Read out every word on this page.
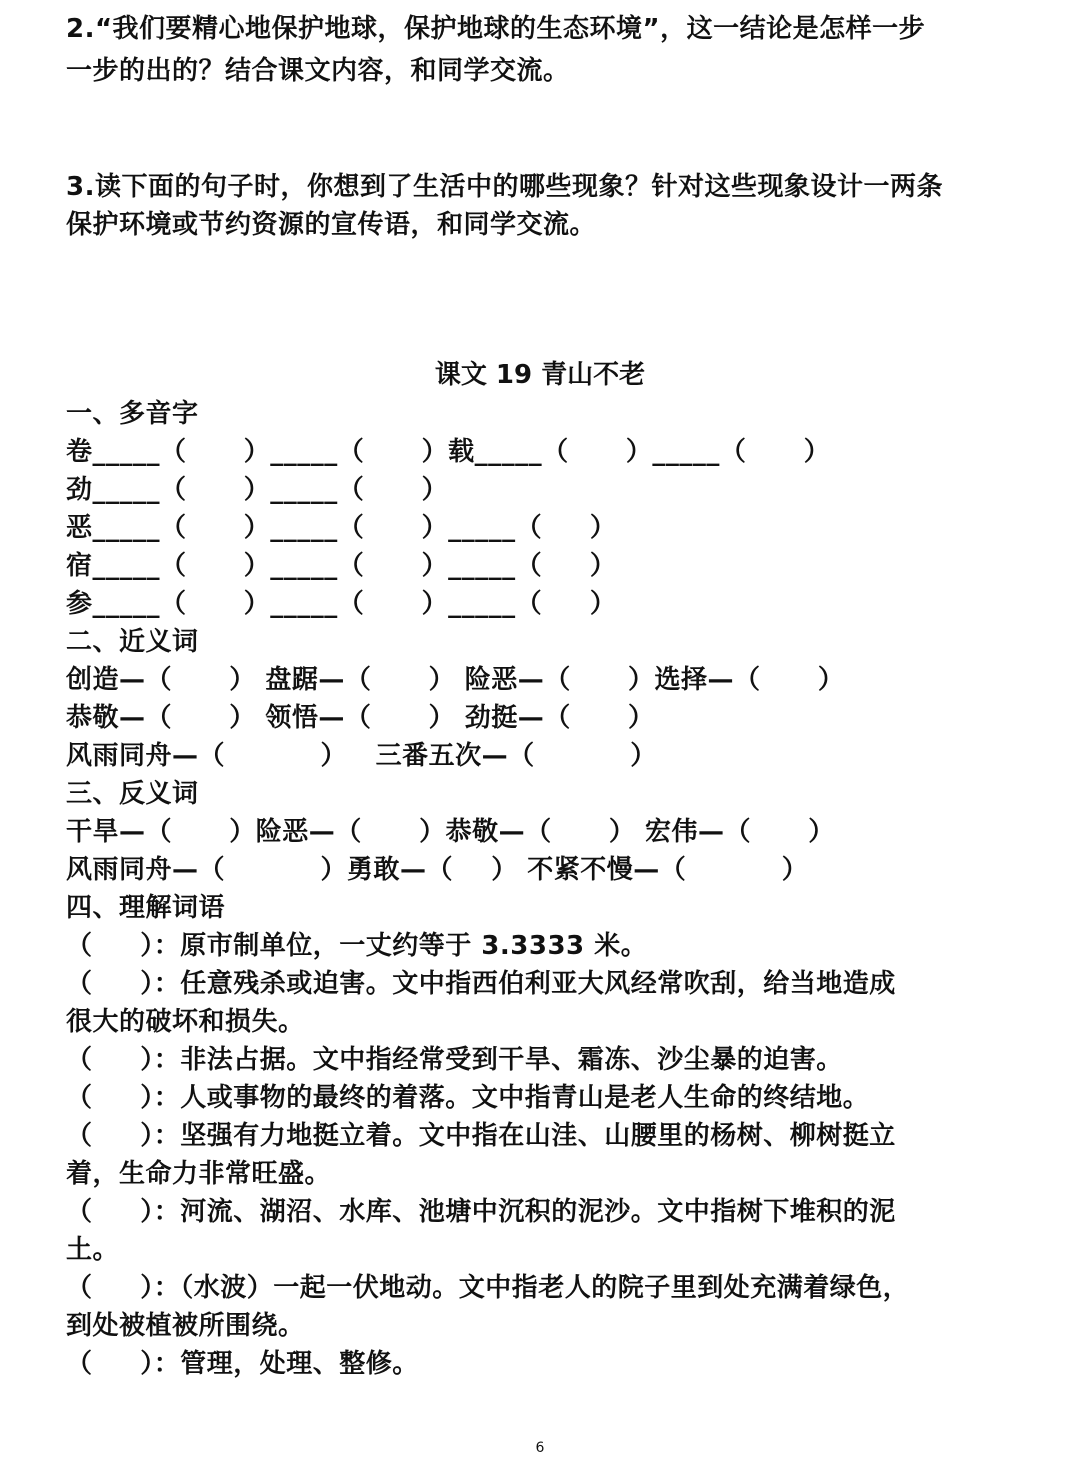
2.“我们要精心地保护地球，保护地球的生态环境”，这一结论是怎样一步
一步的出的？结合课文内容，和同学交流。
3.读下面的句子时，你想到了生活中的哪些现象？针对这些现象设计一两条
保护环境或节约资源的宣传语，和同学交流。
课文 19 青山不老
一、多音字
卷_____（      ）_____（      ）载_____（      ）_____（      ）
劲_____（      ）_____（      ）
恶_____（      ）_____（      ）_____（     ）
宿_____（      ）_____（      ）_____（     ）
参_____（      ）_____（      ）_____（     ）
二、近义词
创造—（      ） 盘踞—（      ） 险恶—（      ）选择—（      ）
恭敬—（      ） 领悟—（      ） 劲挺—（      ）
风雨同舟—（          ）   三番五次—（          ）
三、反义词
干旱—（      ）险恶—（      ）恭敬—（      ） 宏伟—（      ）
风雨同舟—（          ）勇敢—（    ） 不紧不慢—（          ）
四、理解词语
（     ）：原市制单位，一丈约等于 3.3333 米。
（     ）：任意残杀或迫害。文中指西伯利亚大风经常吹刮，给当地造成
很大的破坏和损失。
（     ）：非法占据。文中指经常受到干旱、霜冻、沙尘暴的迫害。
（     ）：人或事物的最终的着落。文中指青山是老人生命的终结地。
（     ）：坚强有力地挺立着。文中指在山洼、山腰里的杨树、柳树挺立
着，生命力非常旺盛。
（     ）：河流、湖沼、水库、池塘中沉积的泥沙。文中指树下堆积的泥
土。
（     ）：（水波）一起一伏地动。文中指老人的院子里到处充满着绿色，
到处被植被所围绕。
（     ）：管理，处理、整修。
6
